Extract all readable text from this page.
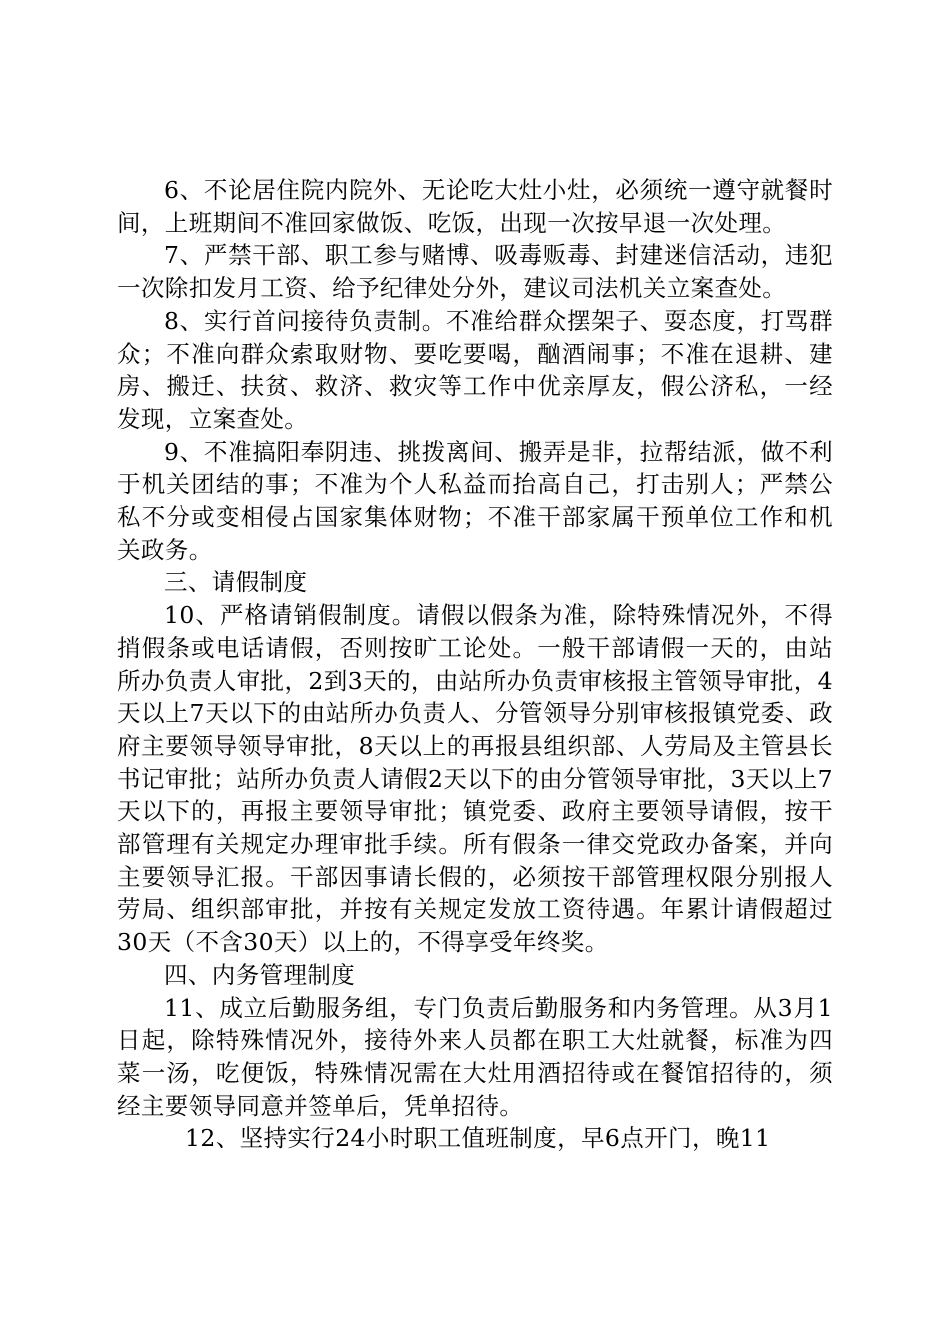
6、不论居住院内院外、无论吃大灶小灶，必须统一遵守就餐时间，上班期间不准回家做饭、吃饭，出现一次按早退一次处理。

7、严禁干部、职工参与赌博、吸毒贩毒、封建迷信活动，违犯一次除扣发月工资、给予纪律处分外，建议司法机关立案查处。

8、实行首问接待负责制。不准给群众摆架子、耍态度，打骂群众；不准向群众索取财物、要吃要喝，酗酒闹事；不准在退耕、建房、搬迁、扶贫、救济、救灾等工作中优亲厚友，假公济私，一经发现，立案查处。

9、不准搞阳奉阴违、挑拨离间、搬弄是非，拉帮结派，做不利于机关团结的事；不准为个人私益而抬高自己，打击别人；严禁公私不分或变相侵占国家集体财物；不准干部家属干预单位工作和机关政务。

三、请假制度

10、严格请销假制度。请假以假条为准，除特殊情况外，不得捎假条或电话请假，否则按旷工论处。一般干部请假一天的，由站所办负责人审批，2到3天的，由站所办负责审核报主管领导审批，4天以上7天以下的由站所办负责人、分管领导分别审核报镇党委、政府主要领导领导审批，8天以上的再报县组织部、人劳局及主管县长书记审批；站所办负责人请假2天以下的由分管领导审批，3天以上7天以下的，再报主要领导审批；镇党委、政府主要领导请假，按干部管理有关规定办理审批手续。所有假条一律交党政办备案，并向主要领导汇报。干部因事请长假的，必须按干部管理权限分别报人劳局、组织部审批，并按有关规定发放工资待遇。年累计请假超过30天（不含30天）以上的，不得享受年终奖。

四、内务管理制度

11、成立后勤服务组，专门负责后勤服务和内务管理。从3月1日起，除特殊情况外，接待外来人员都在职工大灶就餐，标准为四菜一汤，吃便饭，特殊情况需在大灶用酒招待或在餐馆招待的，须经主要领导同意并签单后，凭单招待。

12、坚持实行24小时职工值班制度，早6点开门，晚11
